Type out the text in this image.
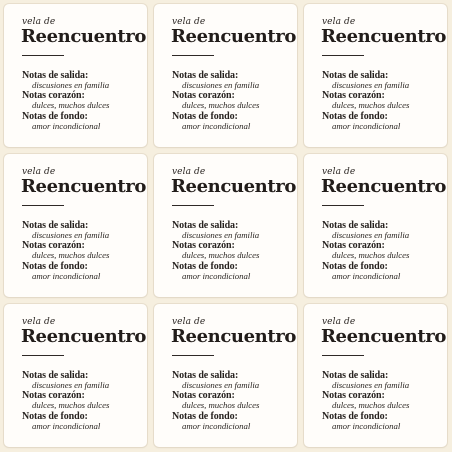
vela de
Reencuentro
Notas de salida:
discusiones en familia
Notas corazón:
dulces, muchos dulces
Notas de fondo:
amor incondicional
vela de
Reencuentro
Notas de salida:
discusiones en familia
Notas corazón:
dulces, muchos dulces
Notas de fondo:
amor incondicional
vela de
Reencuentro
Notas de salida:
discusiones en familia
Notas corazón:
dulces, muchos dulces
Notas de fondo:
amor incondicional
vela de
Reencuentro
Notas de salida:
discusiones en familia
Notas corazón:
dulces, muchos dulces
Notas de fondo:
amor incondicional
vela de
Reencuentro
Notas de salida:
discusiones en familia
Notas corazón:
dulces, muchos dulces
Notas de fondo:
amor incondicional
vela de
Reencuentro
Notas de salida:
discusiones en familia
Notas corazón:
dulces, muchos dulces
Notas de fondo:
amor incondicional
vela de
Reencuentro
Notas de salida:
discusiones en familia
Notas corazón:
dulces, muchos dulces
Notas de fondo:
amor incondicional
vela de
Reencuentro
Notas de salida:
discusiones en familia
Notas corazón:
dulces, muchos dulces
Notas de fondo:
amor incondicional
vela de
Reencuentro
Notas de salida:
discusiones en familia
Notas corazón:
dulces, muchos dulces
Notas de fondo:
amor incondicional
